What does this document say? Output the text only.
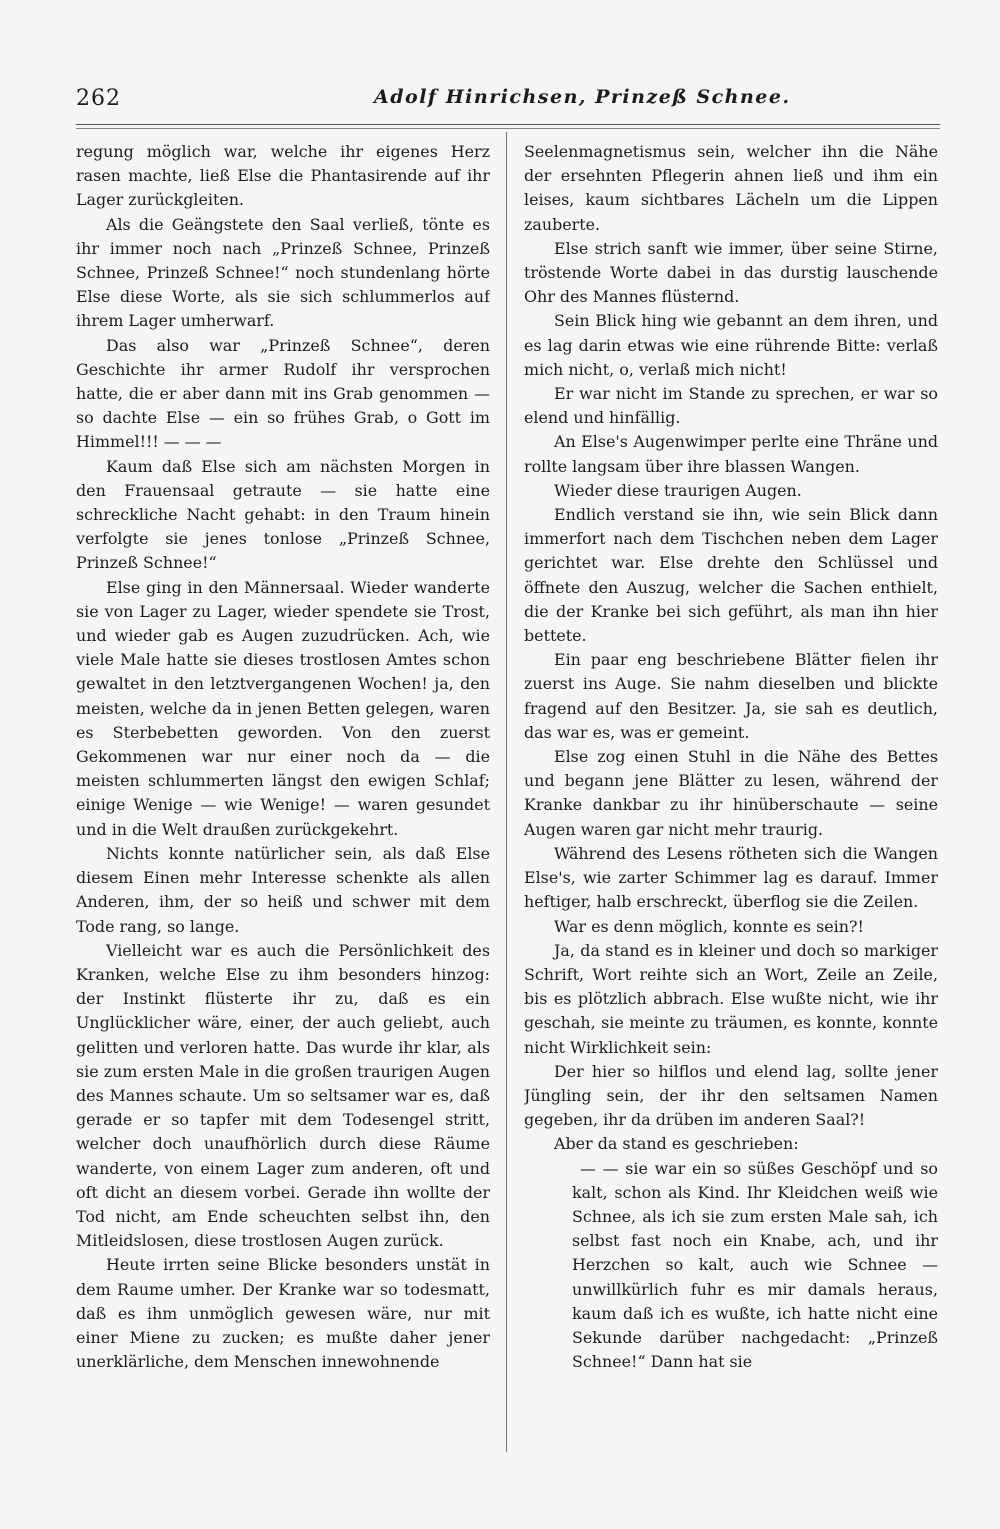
262	Adolf Hinrichsen, Prinzeß Schnee.

regung möglich war, welche ihr eigenes Herz rasen machte, ließ Else die Phantasirende auf ihr Lager zurückgleiten.

Als die Geängstete den Saal verließ, tönte es ihr immer noch nach „Prinzeß Schnee, Prinzeß Schnee, Prinzeß Schnee!“ noch stundenlang hörte Else diese Worte, als sie sich schlummerlos auf ihrem Lager umherwarf.

Das also war „Prinzeß Schnee“, deren Geschichte ihr armer Rudolf ihr versprochen hatte, die er aber dann mit ins Grab genommen — so dachte Else — ein so frühes Grab, o Gott im Himmel!!! — — —

Kaum daß Else sich am nächsten Morgen in den Frauensaal getraute — sie hatte eine schreckliche Nacht gehabt: in den Traum hinein verfolgte sie jenes tonlose „Prinzeß Schnee, Prinzeß Schnee!“

Else ging in den Männersaal. Wieder wanderte sie von Lager zu Lager, wieder spendete sie Trost, und wieder gab es Augen zuzudrücken. Ach, wie viele Male hatte sie dieses trostlosen Amtes schon gewaltet in den letztvergangenen Wochen! ja, den meisten, welche da in jenen Betten gelegen, waren es Sterbebetten geworden. Von den zuerst Gekommenen war nur einer noch da — die meisten schlummerten längst den ewigen Schlaf; einige Wenige — wie Wenige! — waren gesundet und in die Welt draußen zurückgekehrt.

Nichts konnte natürlicher sein, als daß Else diesem Einen mehr Interesse schenkte als allen Anderen, ihm, der so heiß und schwer mit dem Tode rang, so lange.

Vielleicht war es auch die Persönlichkeit des Kranken, welche Else zu ihm besonders hinzog: der Instinkt flüsterte ihr zu, daß es ein Unglücklicher wäre, einer, der auch geliebt, auch gelitten und verloren hatte. Das wurde ihr klar, als sie zum ersten Male in die großen traurigen Augen des Mannes schaute. Um so seltsamer war es, daß gerade er so tapfer mit dem Todesengel stritt, welcher doch unaufhörlich durch diese Räume wanderte, von einem Lager zum anderen, oft und oft dicht an diesem vorbei. Gerade ihn wollte der Tod nicht, am Ende scheuchten selbst ihn, den Mitleidslosen, diese trostlosen Augen zurück.

Heute irrten seine Blicke besonders unstät in dem Raume umher. Der Kranke war so todesmatt, daß es ihm unmöglich gewesen wäre, nur mit einer Miene zu zucken; es mußte daher jener unerklärliche, dem Menschen innewohnende

Seelenmagnetismus sein, welcher ihn die Nähe der ersehnten Pflegerin ahnen ließ und ihm ein leises, kaum sichtbares Lächeln um die Lippen zauberte.

Else strich sanft wie immer, über seine Stirne, tröstende Worte dabei in das durstig lauschende Ohr des Mannes flüsternd.

Sein Blick hing wie gebannt an dem ihren, und es lag darin etwas wie eine rührende Bitte: verlaß mich nicht, o, verlaß mich nicht!

Er war nicht im Stande zu sprechen, er war so elend und hinfällig.

An Else's Augenwimper perlte eine Thräne und rollte langsam über ihre blassen Wangen.

Wieder diese traurigen Augen.

Endlich verstand sie ihn, wie sein Blick dann immerfort nach dem Tischchen neben dem Lager gerichtet war. Else drehte den Schlüssel und öffnete den Auszug, welcher die Sachen enthielt, die der Kranke bei sich geführt, als man ihn hier bettete.

Ein paar eng beschriebene Blätter fielen ihr zuerst ins Auge. Sie nahm dieselben und blickte fragend auf den Besitzer. Ja, sie sah es deutlich, das war es, was er gemeint.

Else zog einen Stuhl in die Nähe des Bettes und begann jene Blätter zu lesen, während der Kranke dankbar zu ihr hinüberschaute — seine Augen waren gar nicht mehr traurig.

Während des Lesens rötheten sich die Wangen Else's, wie zarter Schimmer lag es darauf. Immer heftiger, halb erschreckt, überflog sie die Zeilen.

War es denn möglich, konnte es sein?!

Ja, da stand es in kleiner und doch so markiger Schrift, Wort reihte sich an Wort, Zeile an Zeile, bis es plötzlich abbrach. Else wußte nicht, wie ihr geschah, sie meinte zu träumen, es konnte, konnte nicht Wirklichkeit sein:

Der hier so hilflos und elend lag, sollte jener Jüngling sein, der ihr den seltsamen Namen gegeben, ihr da drüben im anderen Saal?!

Aber da stand es geschrieben:

— — sie war ein so süßes Geschöpf und so kalt, schon als Kind. Ihr Kleidchen weiß wie Schnee, als ich sie zum ersten Male sah, ich selbst fast noch ein Knabe, ach, und ihr Herzchen so kalt, auch wie Schnee — unwillkürlich fuhr es mir damals heraus, kaum daß ich es wußte, ich hatte nicht eine Sekunde darüber nachgedacht: „Prinzeß Schnee!“ Dann hat sie
